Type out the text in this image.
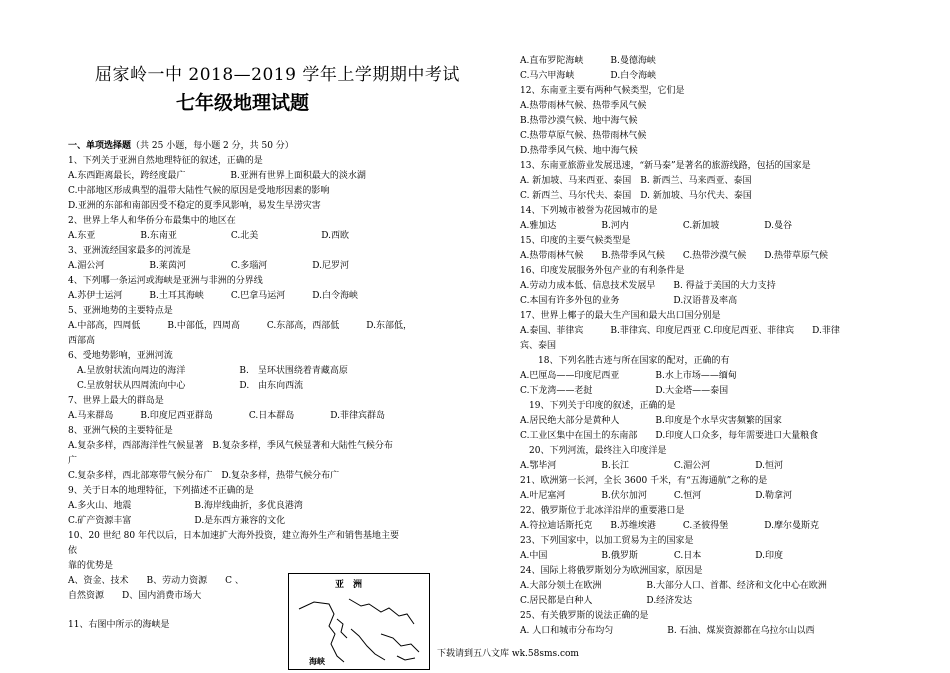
屈家岭一中 2018—2019 学年上学期期中考试
七年级地理试题
一、单项选择题（共 25 小题，每小题 2 分，共 50 分）
1、下列关于亚洲自然地理特征的叙述，正确的是
A.东西距离最长，跨经度最广　　　　　B.亚洲有世界上面积最大的淡水湖
C.中部地区形成典型的温带大陆性气候的原因是受地形因素的影响
D.亚洲的东部和南部因受不稳定的夏季风影响，易发生旱涝灾害
2、世界上华人和华侨分布最集中的地区在
A.东亚　　　　　B.东南亚　　　　　　C.北美　　　　　　　D.西欧
3、亚洲流经国家最多的河流是
A.湄公河　　　　　B.莱茵河　　　　　C.多瑙河　　　　　D.尼罗河
4、下列哪一条运河或海峡是亚洲与非洲的分界线
A.苏伊士运河　　　B.土耳其海峡　　　C.巴拿马运河　　　D.白令海峡
5、亚洲地势的主要特点是
A.中部高，四周低　　　B.中部低，四周高　　　C.东部高，西部低　　　D.东部低，
西部高
6、受地势影响，亚洲河流
　A.呈放射状流向周边的海洋　　　　　　B.　呈环状围绕着青藏高原
　C.呈放射状从四周流向中心　　　　　　D.　由东向西流
7、世界上最大的群岛是
A.马来群岛　　　B.印度尼西亚群岛　　　　C.日本群岛　　　　D.菲律宾群岛
8、亚洲气候的主要特征是
A.复杂多样，西部海洋性气候显著　B.复杂多样，季风气候显著和大陆性气候分布
广
C.复杂多样，西北部寒带气候分布广　D.复杂多样，热带气候分布广
9、关于日本的地理特征，下列描述不正确的是
A.多火山、地震　　　　　　　B.海岸线曲折，多优良港湾
C.矿产资源丰富　　　　　　　D.是东西方兼容的文化
10、20 世纪 80 年代以后，日本加速扩大海外投资，建立海外生产和销售基地主要
依
靠的优势是
A、资金、技术　　B、劳动力资源　　C 、
自然资源　　D、国内消费市场大
11、右图中所示的海峡是
A.直布罗陀海峡　　　B.曼德海峡
C.马六甲海峡　　　　D.白令海峡
12、东南亚主要有两种气候类型，它们是
A.热带雨林气候、热带季风气候
B.热带沙漠气候、地中海气候
C.热带草原气候、热带雨林气候
D.热带季风气候、地中海气候
13、东南亚旅游业发展迅速，“新马泰”是著名的旅游线路，包括的国家是
A. 新加坡、马来西亚、泰国　B. 新西兰、马来西亚、泰国
C. 新西兰、马尔代夫、泰国　D. 新加坡、马尔代夫、泰国
14、下列城市被誉为花园城市的是
A.雅加达　　　　　B.河内　　　　　　C.新加坡　　　　　D.曼谷
15、印度的主要气候类型是
A.热带雨林气候　　B.热带季风气候　　C.热带沙漠气候　　D.热带草原气候
16、印度发展服务外包产业的有利条件是
A.劳动力成本低、信息技术发展早　　B. 得益于美国的大力支持
C.本国有许多外包的业务　　　　　　D.汉语普及率高
17、世界上椰子的最大生产国和最大出口国分别是
A.泰国、菲律宾　　　B.菲律宾、印度尼西亚 C.印度尼西亚、菲律宾　　D.菲律
宾、泰国
　　18、下列名胜古迹与所在国家的配对，正确的有
A.巴厘岛——印度尼西亚　　　　B.水上市场——缅甸
C.下龙湾——老挝　　　　　　　D.大金塔——泰国
　19、下列关于印度的叙述，正确的是
A.居民绝大部分是黄种人　　　　B.印度是个水旱灾害频繁的国家
C.工业区集中在国土的东南部　　D.印度人口众多，每年需要进口大量粮食
　20、下列河流，最终注入印度洋是
A.鄂毕河　　　　　B.长江　　　　　C.湄公河　　　　　D.恒河
21、欧洲第一长河，全长 3600 千米，有“五海通航”之称的是
A.叶尼塞河　　　　B.伏尔加河　　　C.恒河　　　　　　D.勒拿河
22、俄罗斯位于北冰洋沿岸的重要港口是
A.符拉迪话斯托克　　B.苏维埃港　　　C.圣彼得堡　　　　D.摩尔曼斯克
23、下列国家中，以加工贸易为主的国家是
A.中国　　　　　　B.俄罗斯　　　　C.日本　　　　　　D.印度
24、国际上将俄罗斯划分为欧洲国家，原因是
A.大部分领土在欧洲　　　　　B.大部分人口、首都、经济和文化中心在欧洲
C.居民都是白种人　　　　　　D.经济发达
25、有关俄罗斯的说法正确的是
A. 人口和城市分布均匀　　　　　　B. 石油、煤炭资源都在乌拉尔山以西
亚　洲
海峡
下载请到五八文库 wk.58sms.com
